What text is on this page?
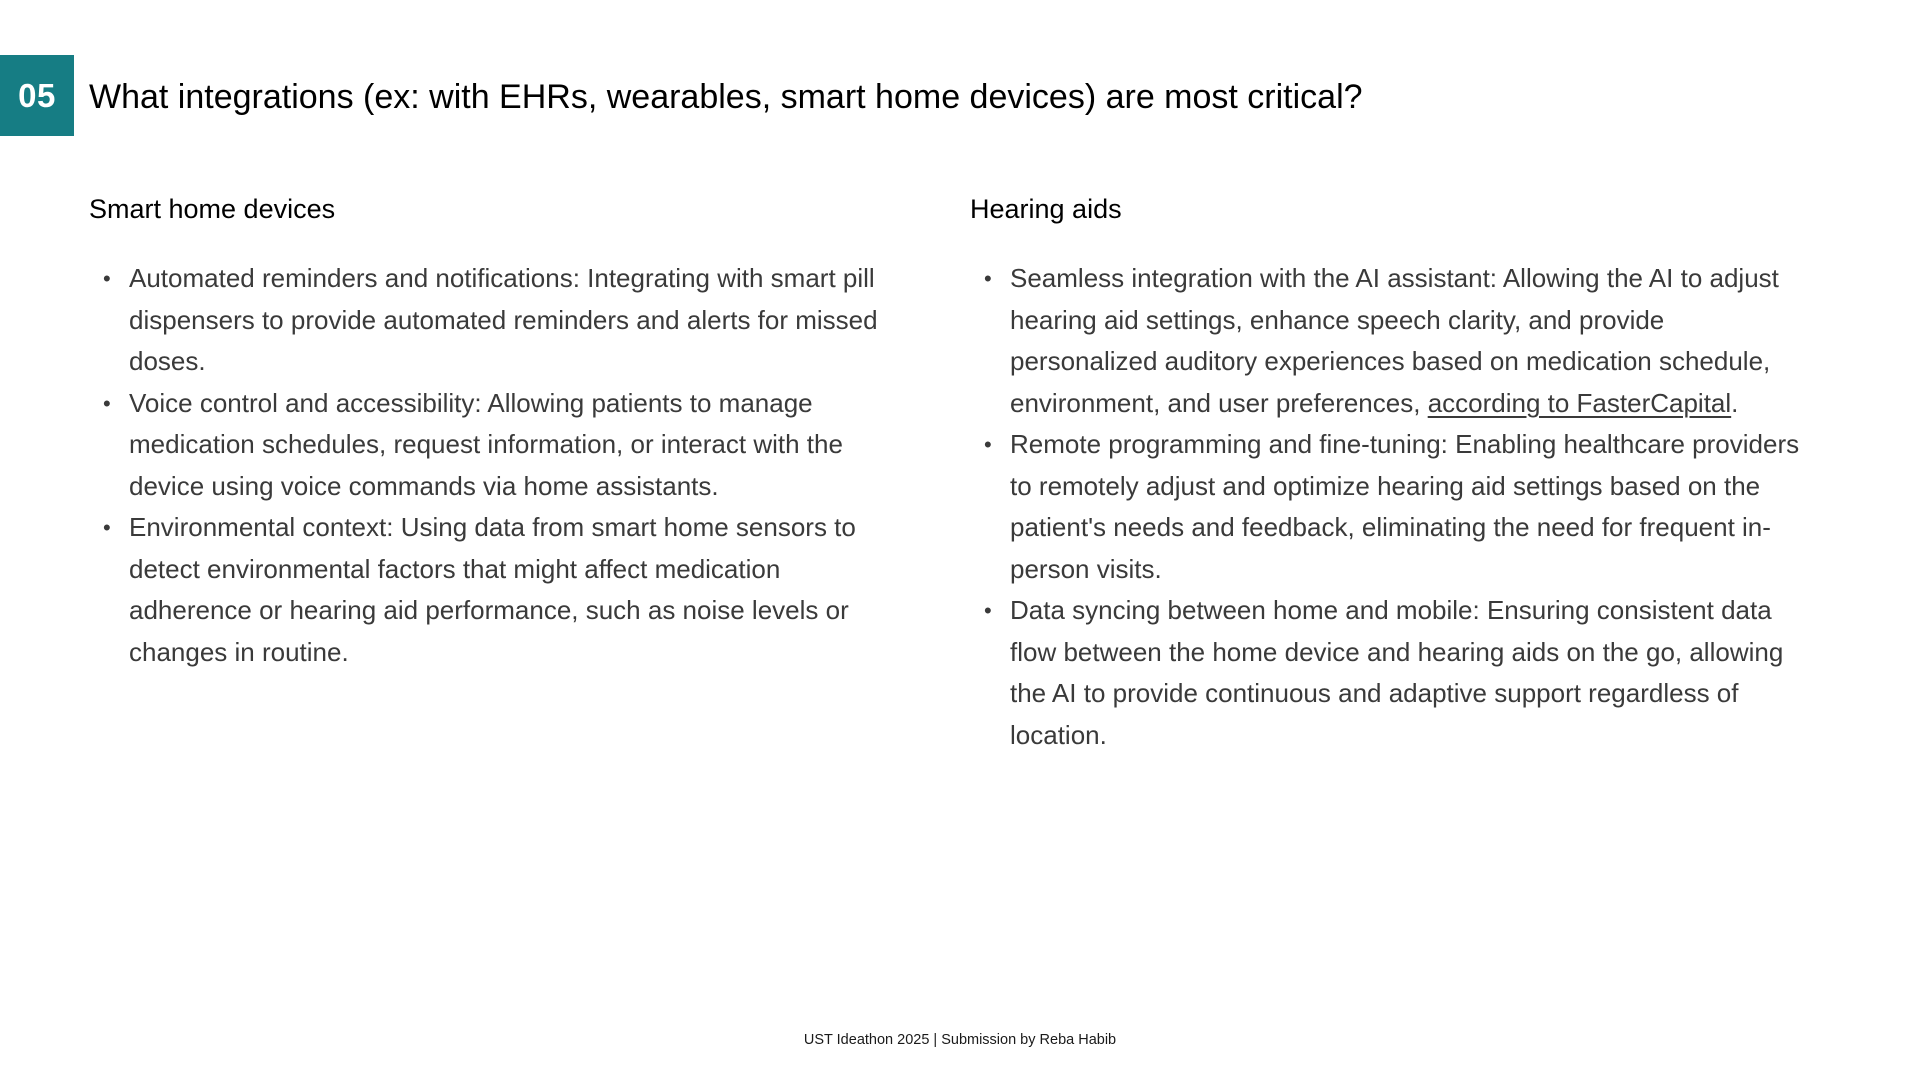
05 What integrations (ex: with EHRs, wearables, smart home devices) are most critical?
Smart home devices
• Automated reminders and notifications: Integrating with smart pill dispensers to provide automated reminders and alerts for missed doses.
• Voice control and accessibility: Allowing patients to manage medication schedules, request information, or interact with the device using voice commands via home assistants.
• Environmental context: Using data from smart home sensors to detect environmental factors that might affect medication adherence or hearing aid performance, such as noise levels or changes in routine.
Hearing aids
• Seamless integration with the AI assistant: Allowing the AI to adjust hearing aid settings, enhance speech clarity, and provide personalized auditory experiences based on medication schedule, environment, and user preferences, according to FasterCapital.
• Remote programming and fine-tuning: Enabling healthcare providers to remotely adjust and optimize hearing aid settings based on the patient's needs and feedback, eliminating the need for frequent in-person visits.
• Data syncing between home and mobile: Ensuring consistent data flow between the home device and hearing aids on the go, allowing the AI to provide continuous and adaptive support regardless of location.
UST Ideathon 2025 | Submission by Reba Habib
